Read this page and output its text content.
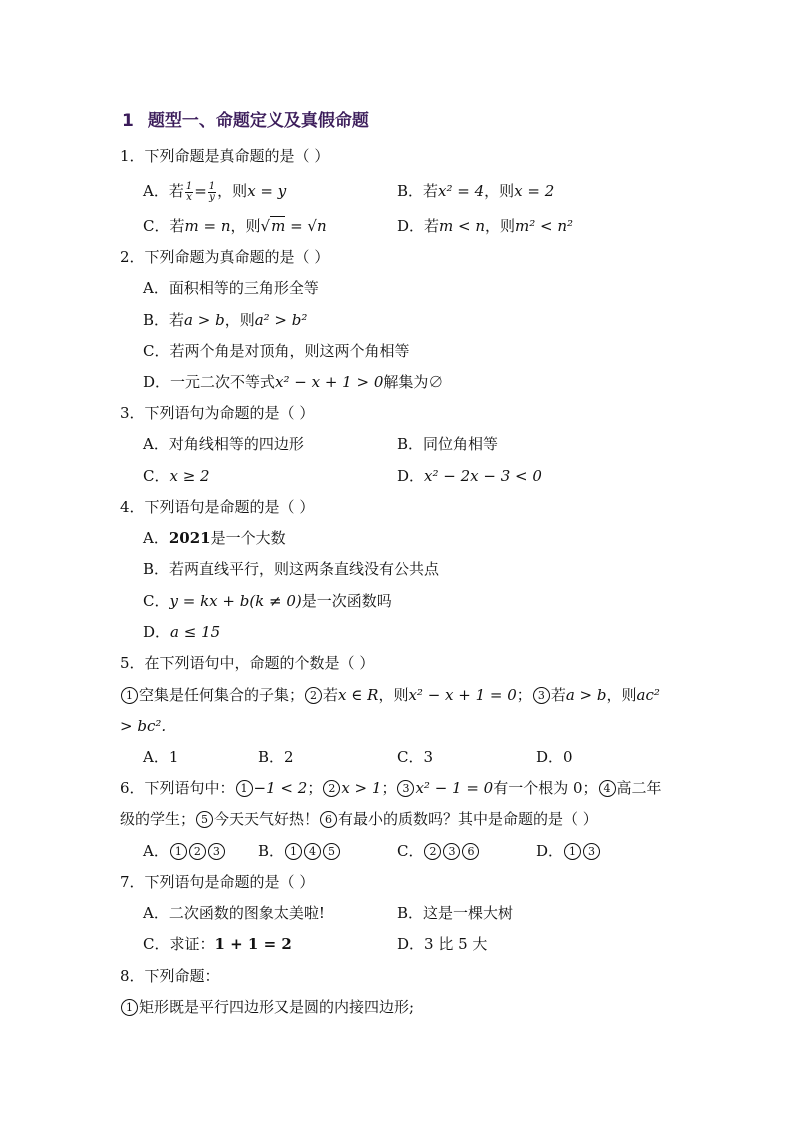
1 题型一、命题定义及真假命题
1．下列命题是真命题的是（ ）
A．若 $\frac{1}{x} = \frac{1}{y}$ ，则x = y	B．若x² = 4，则x = 2
C．若m = n，则√m = √n	D．若m < n，则m² < n²
2．下列命题为真命题的是（ ）
A．面积相等的三角形全等
B．若a > b，则a² > b²
C．若两个角是对顶角，则这两个角相等
D．一元二次不等式x² − x + 1 > 0解集为∅
3．下列语句为命题的是（ ）
A．对角线相等的四边形	B．同位角相等
C．x ≥ 2	D．x² − 2x − 3 < 0
4．下列语句是命题的是（ ）
A．2021是一个大数
B．若两直线平行，则这两条直线没有公共点
C．y = kx + b(k ≠ 0)是一次函数吗
D．a ≤ 15
5．在下列语句中，命题的个数是（ ）
1 空集是任何集合的子集； 2 若x ∈ R，则x² − x + 1 = 0； 3 若a > b，则ac²
> bc².
A．1	B．2	C．3	D．0
6．下列语句中： 1 −1 < 2； 2 x > 1； 3 x² − 1 = 0有一个根为 0； 4 高二年
级的学生； 5 今天天气好热！ 6 有最小的质数吗？其中是命题的是（ ）
A． 1 2 3	B． 1 4 5	C． 2 3 6	D． 1 3
7．下列语句是命题的是（ ）
A．二次函数的图象太美啦!	B．这是一棵大树
C．求证：1 + 1 = 2	D．3 比 5 大
8．下列命题：
1 矩形既是平行四边形又是圆的内接四边形;
